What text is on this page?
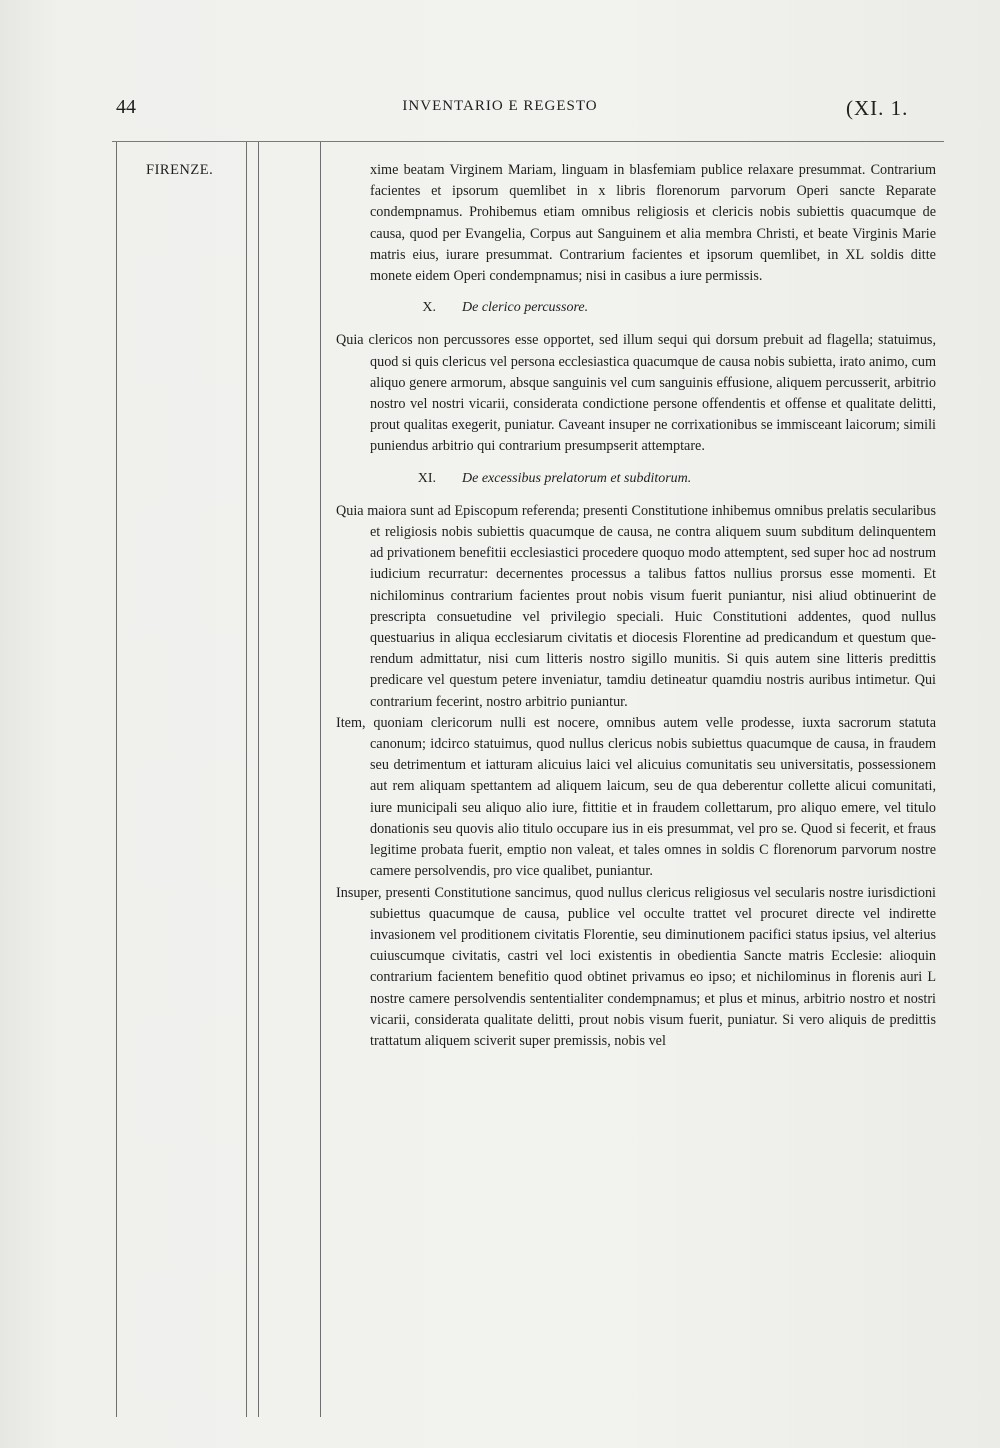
44	INVENTARIO E REGESTO	(XI. 1.
FIRENZE.	xime beatam Virginem Mariam, linguam in blasfemiam publice relaxare presummat. Contrarium facientes et ipsorum quemlibet in x libris florenorum parvorum Operi sancte Reparate condempnamus. Prohibemus etiam omnibus religiosis et clericis nobis subiettis quacumque de causa, quod per Evangelia, Corpus aut Sanguinem et alia membra Christi, et beate Virginis Marie matris eius, iurare presummat. Contrarium facientes et ipsorum quemlibet, in XL soldis ditte monete eidem Operi condempnamus; nisi in casibus a iure permissis.

X. De clerico percussore.

Quia clericos non percussores esse opportet, sed illum sequi qui dorsum prebuit ad flagella; statuimus, quod si quis clericus vel persona ecclesiastica quacumque de causa nobis subietta, irato animo, cum aliquo genere armorum, absque sanguinis vel cum sanguinis effusione, aliquem percusserit, arbitrio nostro vel nostri vicarii, considerata condictione persone offendentis et offense et qualitate delitti, prout qualitas exegerit, puniatur. Caveant insuper ne corrixationibus se immisceant laicorum; simili puniendus arbitrio qui contrarium presumpserit attemptare.

XI. De excessibus prelatorum et subditorum.

Quia maiora sunt ad Episcopum referenda; presenti Constitutione inhibemus omnibus prelatis secularibus et religiosis nobis subiettis quacumque de causa, ne contra aliquem suum subditum delinquentem ad privationem benefitii ecclesiastici procedere quoquo modo attemptent, sed super hoc ad nostrum iudicium recurratur: decernentes processus a talibus fattos nullius prorsus esse momenti. Et nichilominus contrarium facientes prout nobis visum fuerit puniantur, nisi aliud obtinuerint de prescripta consuetudine vel privilegio speciali. Huic Constitutioni addentes, quod nullus questuarius in aliqua ecclesiarum civitatis et diocesis Florentine ad predicandum et questum querendum admittatur, nisi cum litteris nostro sigillo munitis. Si quis autem sine litteris predittis predicare vel questum petere inveniatur, tamdiu detineatur quamdiu nostris auribus intimetur. Qui contrarium fecerint, nostro arbitrio puniantur.

Item, quoniam clericorum nulli est nocere, omnibus autem velle prodesse, iuxta sacrorum statuta canonum; idcirco statuimus, quod nullus clericus nobis subiettus quacumque de causa, in fraudem seu detrimentum et iatturam alicuius laici vel alicuius comunitatis seu universitatis, possessionem aut rem aliquam spettantem ad aliquem laicum, seu de qua deberentur collette alicui comunitati, iure municipali seu aliquo alio iure, fittitie et in fraudem collettarum, pro aliquo emere, vel titulo donationis seu quovis alio titulo occupare ius in eis presummat, vel pro se. Quod si fecerit, et fraus legitime probata fuerit, emptio non valeat, et tales omnes in soldis C florenorum parvorum nostre camere persolvendis, pro vice qualibet, puniantur.

Insuper, presenti Constitutione sancimus, quod nullus clericus religiosus vel secularis nostre iurisdictioni subiettus quacumque de causa, publice vel occulte trattet vel procuret directe vel indirette invasionem vel proditionem civitatis Florentie, seu diminutionem pacifici status ipsius, vel alterius cuiuscumque civitatis, castri vel loci existentis in obedientia Sancte matris Ecclesie: alioquin contrarium facientem benefitio quod obtinet privamus eo ipso; et nichilominus in florenis auri L nostre camere persolvendis sententialiter condempnamus; et plus et minus, arbitrio nostro et nostri vicarii, considerata qualitate delitti, prout nobis visum fuerit, puniatur. Si vero aliquis de predittis trattatum aliquem sciverit super premissis, nobis vel
